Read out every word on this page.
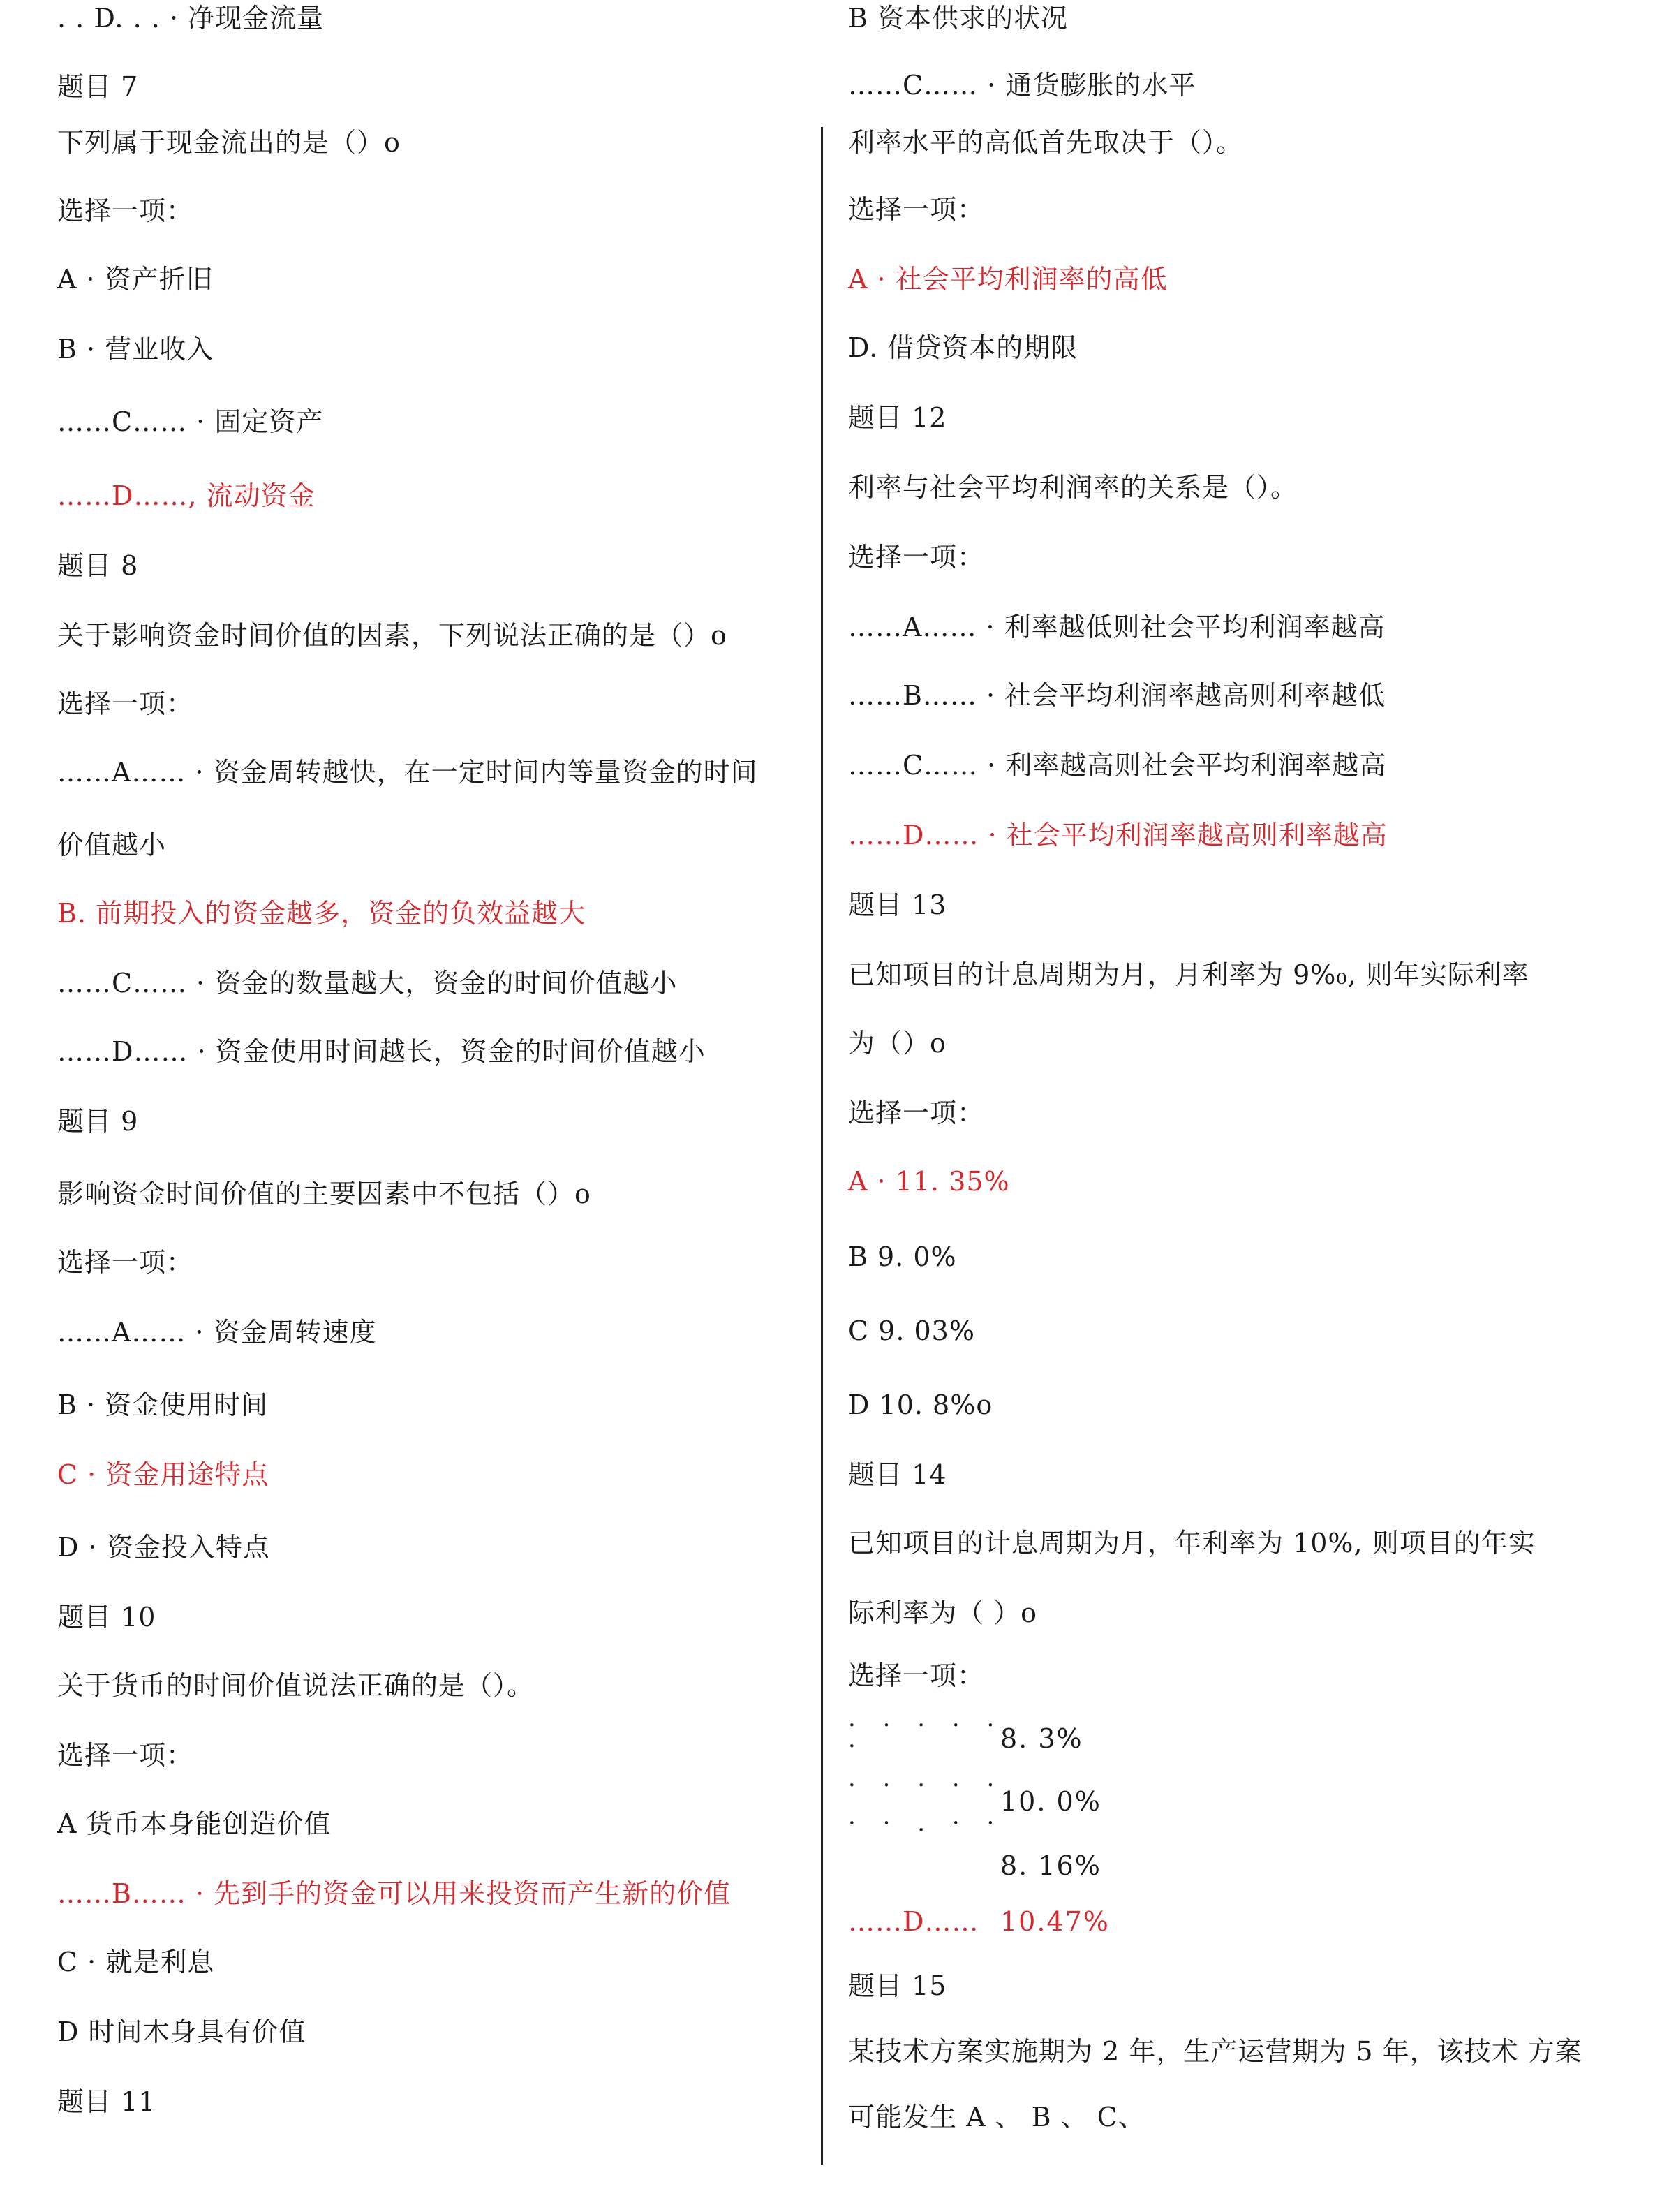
. . D. . . · 净现金流量
题目 7
下列属于现金流出的是（）o
选择一项：
A · 资产折旧
B · 营业收入
……C…… · 固定资产
……D……, 流动资金
题目 8
关于影响资金时间价值的因素，下列说法正确的是（）o
选择一项：
……A…… · 资金周转越快，在一定时间内等量资金的时间
价值越小
B. 前期投入的资金越多，资金的负效益越大
……C…… · 资金的数量越大，资金的时间价值越小
……D…… · 资金使用时间越长，资金的时间价值越小
题目 9
影响资金时间价值的主要因素中不包括（）o
选择一项：
……A…… · 资金周转速度
B · 资金使用时间
C · 资金用途特点
D · 资金投入特点
题目 10
关于货币的时间价值说法正确的是（）。
选择一项：
A 货币本身能创造价值
……B…… · 先到手的资金可以用来投资而产生新的价值
C · 就是利息
D 时间木身具有价值
题目 11
B 资本供求的状况
……C…… · 通货膨胀的水平
利率水平的高低首先取决于（）。
选择一项：
A · 社会平均利润率的高低
D. 借贷资本的期限
题目 12
利率与社会平均利润率的关系是（）。
选择一项：
……A…… · 利率越低则社会平均利润率越高
……B…… · 社会平均利润率越高则利率越低
……C…… · 利率越高则社会平均利润率越高
……D…… · 社会平均利润率越高则利率越高
题目 13
已知项目的计息周期为月，月利率为 9%₀, 则年实际利率
为（）o
选择一项：
A · 11. 35%
B 9. 0%
C 9. 03%
D 10. 8%o
题目 14
已知项目的计息周期为月，年利率为 10%, 则项目的年实
际利率为（ ）o
选择一项：
· · · · ·
·	8. 3%
· · · · ·
10. 0%
· · . · ·
8. 16%
……D…… 10.47%
题目 15
某技术方案实施期为 2 年，生产运营期为 5 年，该技术 方案
可能发生 A 、 B 、 C、
